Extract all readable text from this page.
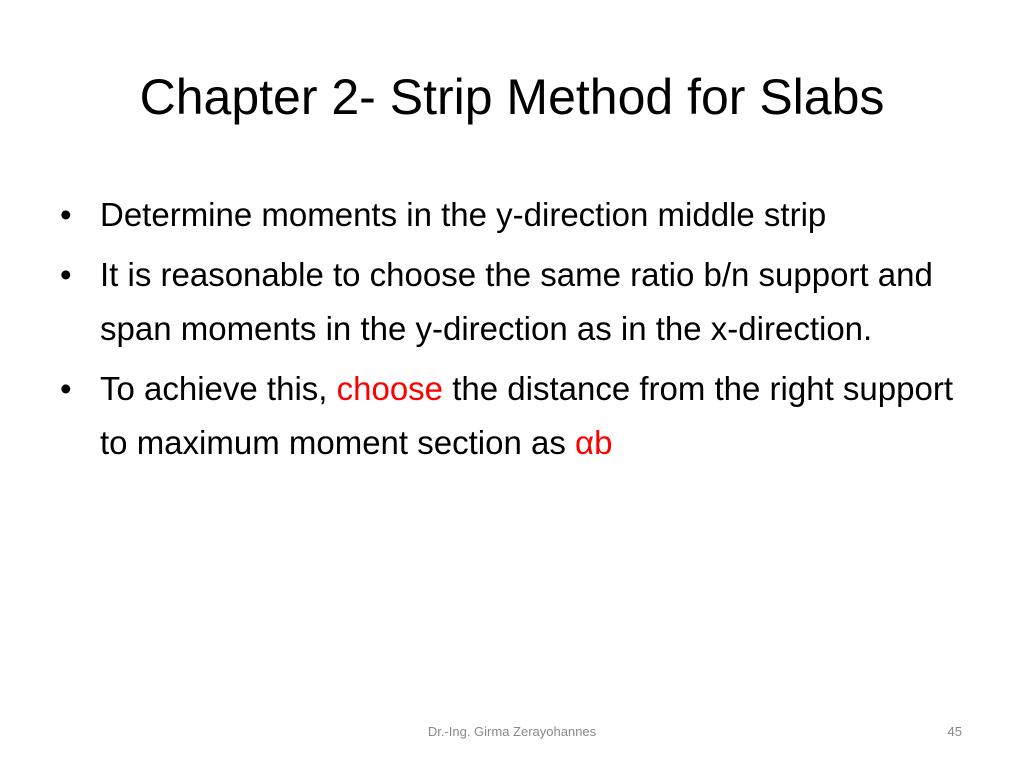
Chapter 2- Strip Method for Slabs
• Determine moments in the y-direction middle strip
• It is reasonable to choose the same ratio b/n support and span moments in the y-direction as in the x-direction.
• To achieve this, choose the distance from the right support to maximum moment section as αb
Dr.-Ing. Girma Zerayohannes	45
